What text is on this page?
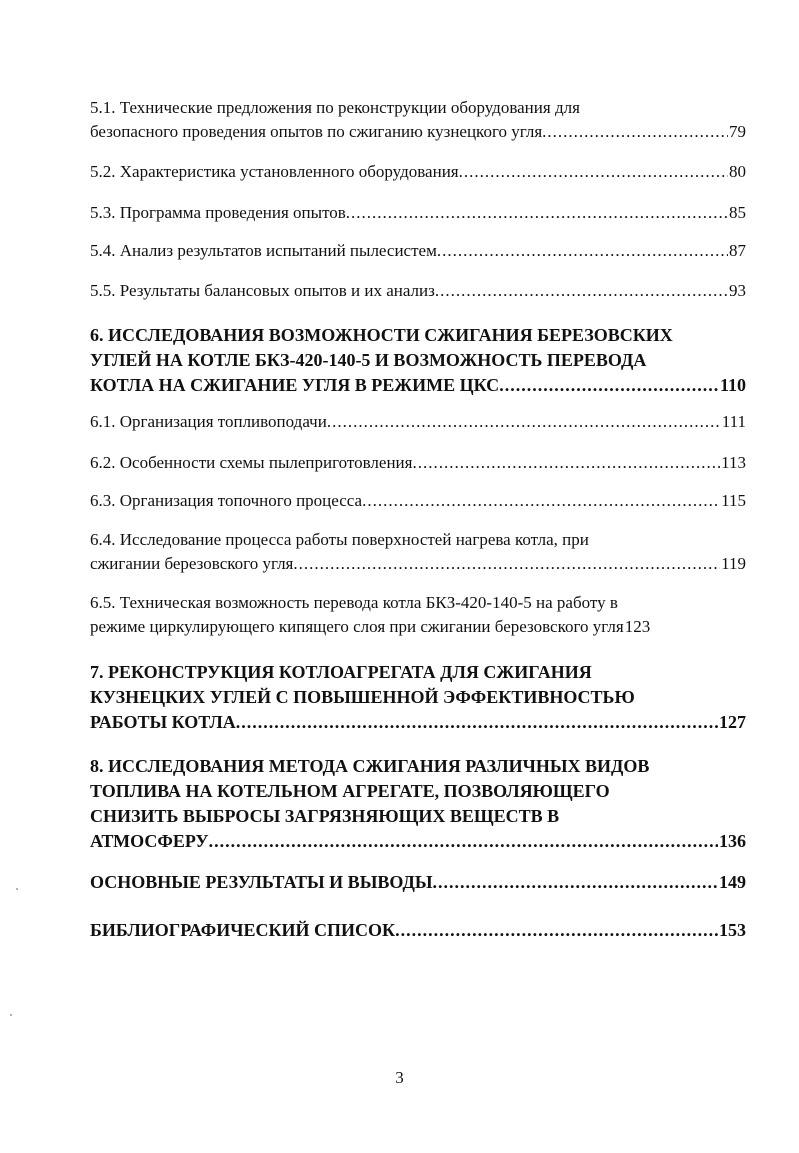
5.1. Технические предложения по реконструкции оборудования для
безопасного проведения опытов по сжиганию кузнецкого угля .....	79
5.2. Характеристика установленного оборудования .....	80
5.3. Программа проведения опытов .....	85
5.4. Анализ результатов испытаний пылесистем .....	87
5.5. Результаты балансовых опытов и их анализ .....	93
6. ИССЛЕДОВАНИЯ ВОЗМОЖНОСТИ СЖИГАНИЯ БЕРЕЗОВСКИХ
УГЛЕЙ НА КОТЛЕ БКЗ-420-140-5 И ВОЗМОЖНОСТЬ ПЕРЕВОДА
КОТЛА НА СЖИГАНИЕ УГЛЯ В РЕЖИМЕ ЦКС .....	110
6.1. Организация топливоподачи .....	111
6.2. Особенности схемы пылеприготовления .....	113
6.3. Организация топочного процесса .....	115
6.4. Исследование процесса работы поверхностей нагрева котла, при
сжигании березовского угля .....	119
6.5. Техническая возможность перевода котла БКЗ-420-140-5 на работу в
режиме циркулирующего кипящего слоя при сжигании березовского угля 123
7. РЕКОНСТРУКЦИЯ КОТЛОАГРЕГАТА ДЛЯ СЖИГАНИЯ
КУЗНЕЦКИХ УГЛЕЙ С ПОВЫШЕННОЙ ЭФФЕКТИВНОСТЬЮ
РАБОТЫ КОТЛА .....	127
8. ИССЛЕДОВАНИЯ МЕТОДА СЖИГАНИЯ РАЗЛИЧНЫХ ВИДОВ
ТОПЛИВА НА КОТЕЛЬНОМ АГРЕГАТЕ, ПОЗВОЛЯЮЩЕГО
СНИЗИТЬ ВЫБРОСЫ ЗАГРЯЗНЯЮЩИХ ВЕЩЕСТВ В
АТМОСФЕРУ .....	136
ОСНОВНЫЕ РЕЗУЛЬТАТЫ И ВЫВОДЫ .....	149
БИБЛИОГРАФИЧЕСКИЙ СПИСОК .....	153
3
